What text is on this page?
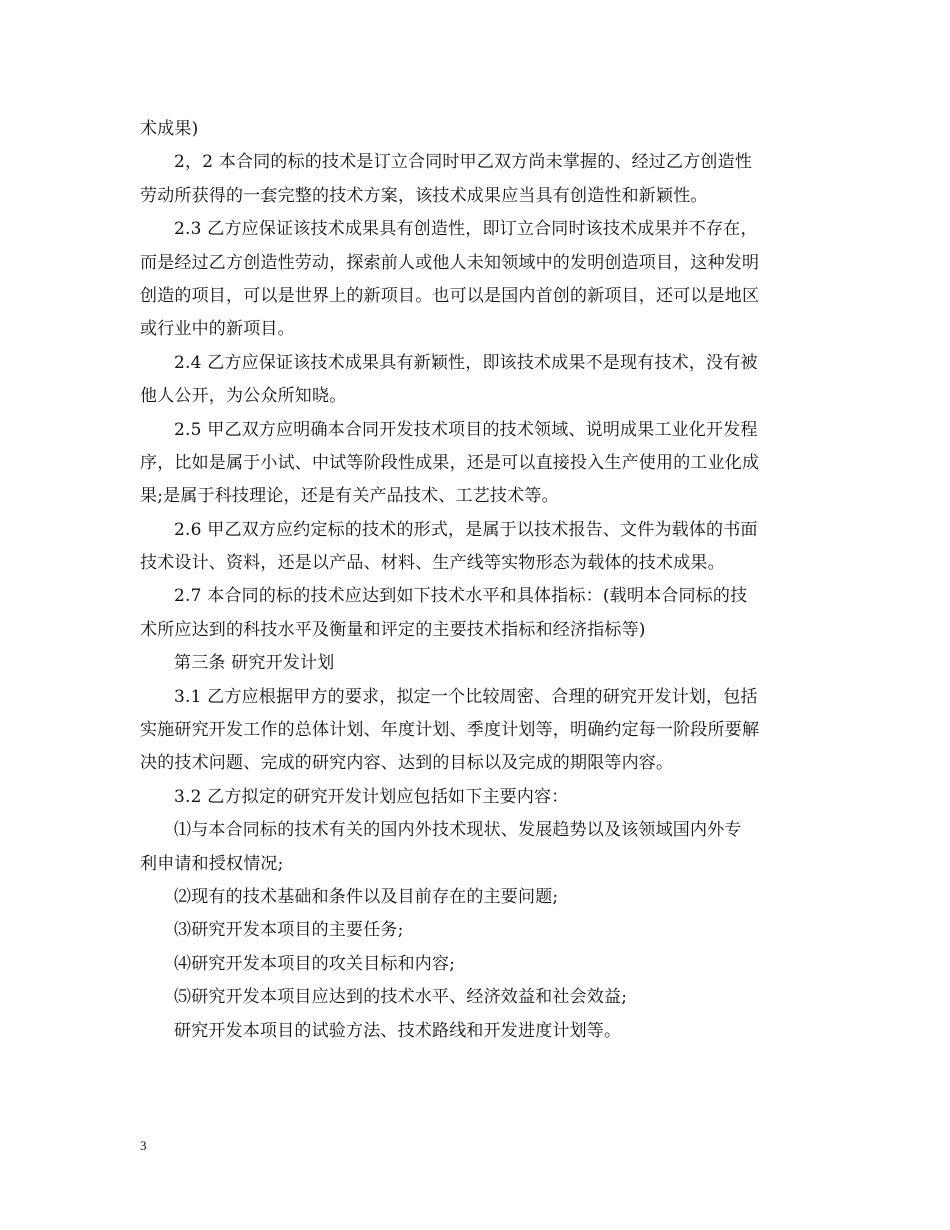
术成果)
2，2 本合同的标的技术是订立合同时甲乙双方尚未掌握的、经过乙方创造性
劳动所获得的一套完整的技术方案，该技术成果应当具有创造性和新颖性。
2.3 乙方应保证该技术成果具有创造性，即订立合同时该技术成果并不存在，
而是经过乙方创造性劳动，探索前人或他人未知领域中的发明创造项目，这种发明
创造的项目，可以是世界上的新项目。也可以是国内首创的新项目，还可以是地区
或行业中的新项目。
2.4 乙方应保证该技术成果具有新颖性，即该技术成果不是现有技术，没有被
他人公开，为公众所知晓。
2.5 甲乙双方应明确本合同开发技术项目的技术领域、说明成果工业化开发程
序，比如是属于小试、中试等阶段性成果，还是可以直接投入生产使用的工业化成
果;是属于科技理论，还是有关产品技术、工艺技术等。
2.6 甲乙双方应约定标的技术的形式，是属于以技术报告、文件为载体的书面
技术设计、资料，还是以产品、材料、生产线等实物形态为载体的技术成果。
2.7 本合同的标的技术应达到如下技术水平和具体指标：(载明本合同标的技
术所应达到的科技水平及衡量和评定的主要技术指标和经济指标等)
第三条 研究开发计划
3.1 乙方应根据甲方的要求，拟定一个比较周密、合理的研究开发计划，包括
实施研究开发工作的总体计划、年度计划、季度计划等，明确约定每一阶段所要解
决的技术问题、完成的研究内容、达到的目标以及完成的期限等内容。
3.2 乙方拟定的研究开发计划应包括如下主要内容：
⑴与本合同标的技术有关的国内外技术现状、发展趋势以及该领域国内外专
利申请和授权情况;
⑵现有的技术基础和条件以及目前存在的主要问题;
⑶研究开发本项目的主要任务;
⑷研究开发本项目的攻关目标和内容;
⑸研究开发本项目应达到的技术水平、经济效益和社会效益;
研究开发本项目的试验方法、技术路线和开发进度计划等。
3
